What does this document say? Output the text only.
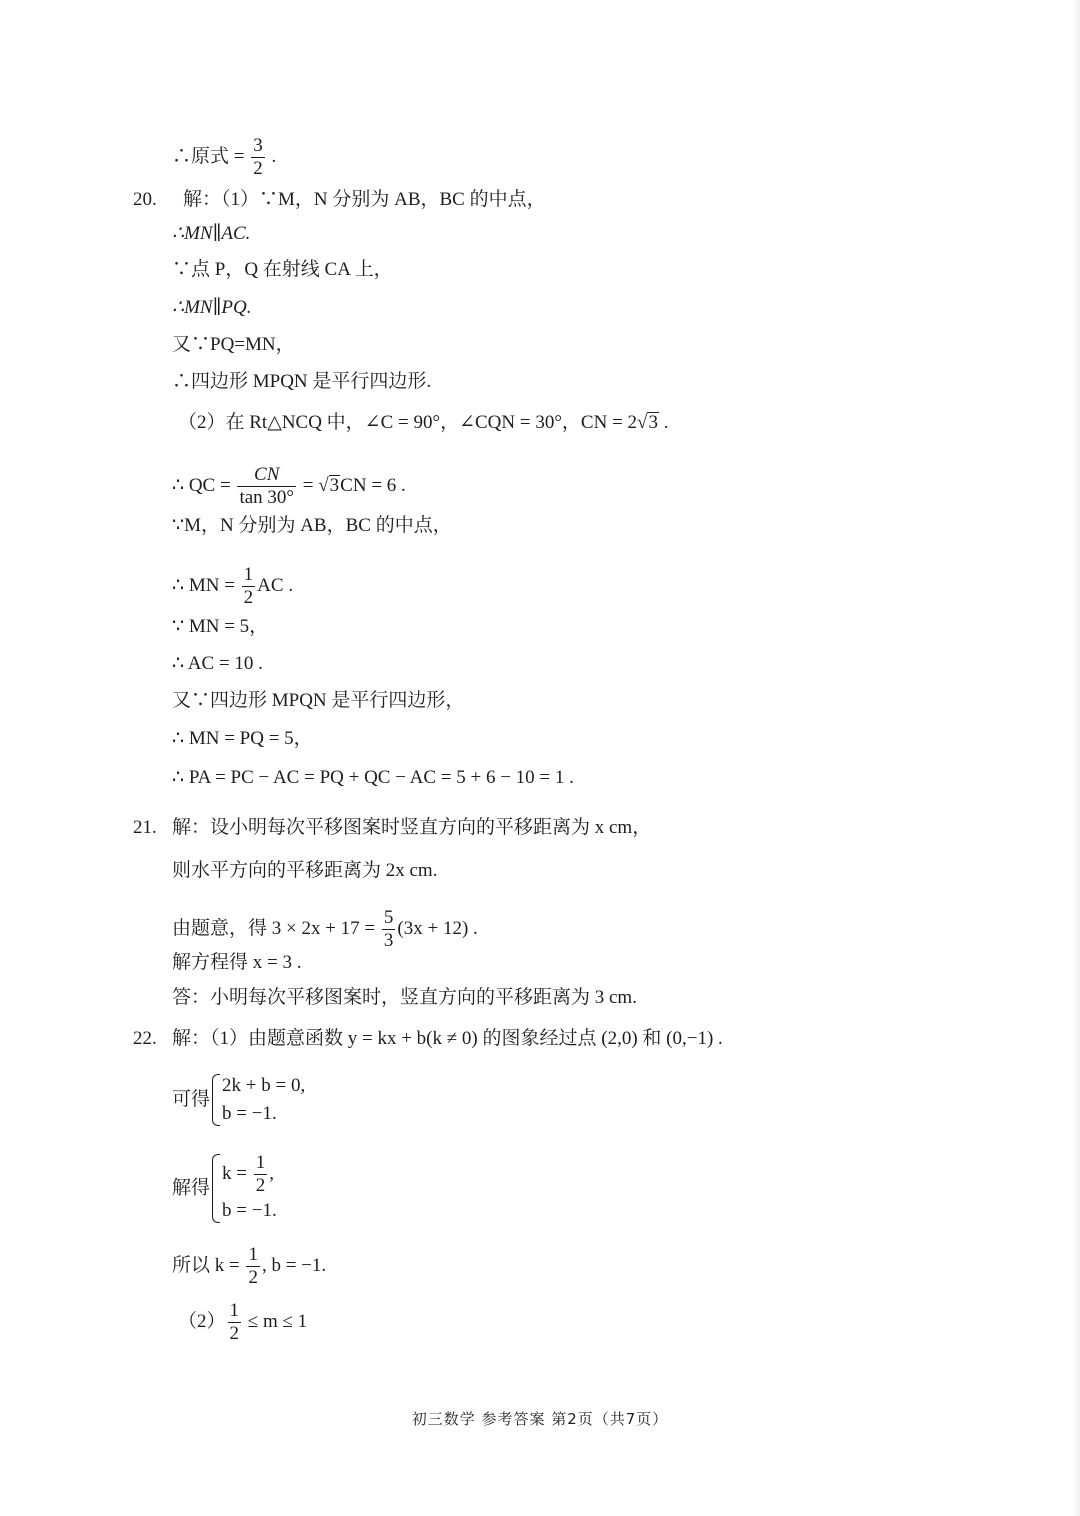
∴原式 = $\frac{3}{2}$ .
20. 解：（1）∵M，N 分别为 AB，BC 的中点，
∴MN∥AC.
∵点 P，Q 在射线 CA 上，
∴MN∥PQ.
又∵PQ=MN，
∴四边形 MPQN 是平行四边形.
（2）在 Rt△NCQ 中，∠C = 90°，∠CQN = 30°，CN = 2√3 .
∴ QC = $\frac{CN}{\tan 30^\circ} = √3CN = 6$ .
∵M，N 分别为 AB，BC 的中点，
∴ MN = $\frac{1}{2}$ AC .
∵ MN = 5，
∴ AC = 10 .
又∵四边形 MPQN 是平行四边形，
∴ MN = PQ = 5，
∴ PA = PC − AC = PQ + QC − AC = 5 + 6 − 10 = 1 .
21. 解：设小明每次平移图案时竖直方向的平移距离为 x cm，
则水平方向的平移距离为 2x cm.
由题意，得 $3 \times 2x + 17 = \frac{5}{3} (3x + 12)$ .
解方程得 x = 3 .
答：小明每次平移图案时，竖直方向的平移距离为 3 cm.
22. 解：（1）由题意函数 y = kx + b(k ≠ 0) 的图象经过点 (2,0) 和 (0,−1) .
可得
2k + b = 0,
b = −1.
解得
$k = \frac{1}{2}$ ,
b = −1.
所以 $k = \frac{1}{2}$ , b = −1.
$(2) \frac{1}{2} \le m \le 1$
初三数学 参考答案 第2页（共7页）
